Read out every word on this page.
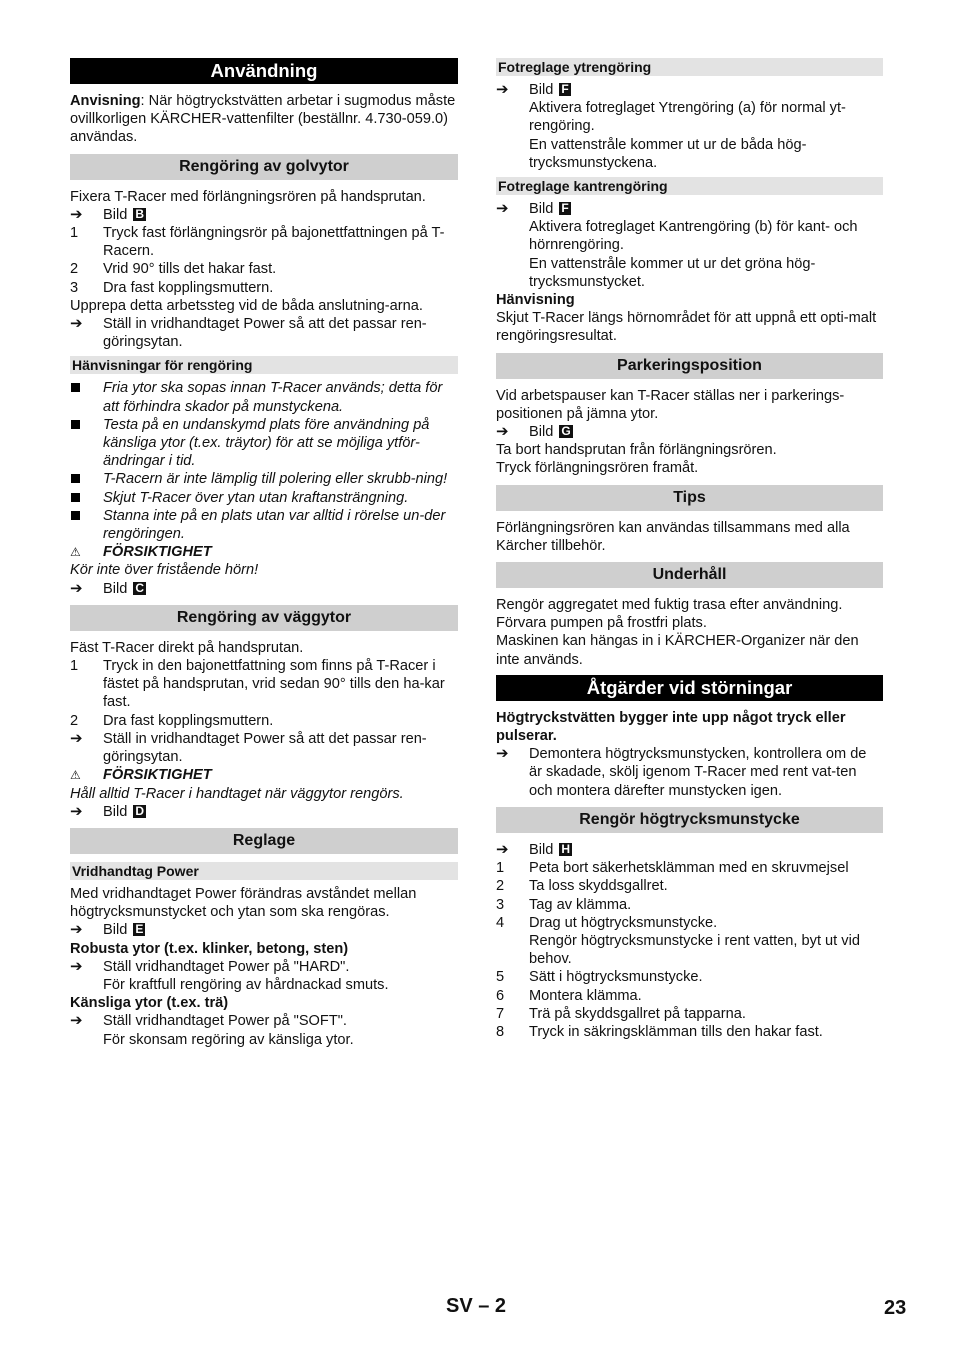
Användning

Anvisning: När högtryckstvätten arbetar i sugmodus måste ovillkorligen KÄRCHER-vattenfilter (beställnr. 4.730-059.0) användas.

Rengöring av golvytor

Fixera T-Racer med förlängningsrören på handsprutan.

➔	Bild B
1	Tryck fast förlängningsrör på bajonettfattningen på T-Racern.
2	Vrid 90° tills det hakar fast.
3	Dra fast kopplingsmuttern.

Upprepa detta arbetssteg vid de båda anslutning-arna.

➔	Ställ in vridhandtaget Power så att det passar ren-göringsytan.
Hänvisningar för rengöring
Fria ytor ska sopas innan T-Racer används; detta för att förhindra skador på munstyckena.
Testa på en undanskymd plats före användning på känsliga ytor (t.ex. träytor) för att se möjliga ytför-ändringar i tid.
T-Racern är inte lämplig till polering eller skrubb-ning!
Skjut T-Racer över ytan utan kraftansträngning.
Stanna inte på en plats utan var alltid i rörelse un-der rengöringen.
⚠	FÖRSIKTIGHET

Kör inte över fristående hörn!

➔	Bild C
Rengöring av väggytor

Fäst T-Racer direkt på handsprutan.

1	Tryck in den bajonettfattning som finns på T-Racer i fästet på handsprutan, vrid sedan 90° tills den ha-kar fast.
2	Dra fast kopplingsmuttern.
➔	Ställ in vridhandtaget Power så att det passar ren-göringsytan.
⚠	FÖRSIKTIGHET

Håll alltid T-Racer i handtaget när väggytor rengörs.

➔	Bild D
Reglage
Vridhandtag Power

Med vridhandtaget Power förändras avståndet mellan högtrycksmunstycket och ytan som ska rengöras.

➔	Bild E

Robusta ytor (t.ex. klinker, betong, sten)

➔	Ställ vridhandtaget Power på "HARD".
För kraftfull rengöring av hårdnackad smuts.

Känsliga ytor (t.ex. trä)

➔	Ställ vridhandtaget Power på "SOFT".
För skonsam regöring av känsliga ytor.
Fotreglage ytrengöring
➔	Bild F
Aktivera fotreglaget Ytrengöring (a) för normal yt-rengöring.
En vattenstråle kommer ut ur de båda hög-trycksmunstyckena.
Fotreglage kantrengöring
➔	Bild F
Aktivera fotreglaget Kantrengöring (b) för kant- och hörnrengöring.
En vattenstråle kommer ut ur det gröna hög-trycksmunstycket.

Hänvisning

Skjut T-Racer längs hörnområdet för att uppnå ett opti-malt rengöringsresultat.

Parkeringsposition

Vid arbetspauser kan T-Racer ställas ner i parkerings-positionen på jämna ytor.

➔	Bild G

Ta bort handsprutan från förlängningsrören.

Tryck förlängningsrören framåt.

Tips

Förlängningsrören kan användas tillsammans med alla Kärcher tillbehör.

Underhåll

Rengör aggregatet med fuktig trasa efter användning.

Förvara pumpen på frostfri plats.

Maskinen kan hängas in i KÄRCHER-Organizer när den inte används.

Åtgärder vid störningar

Högtryckstvätten bygger inte upp något tryck eller pulserar.

➔	Demontera högtrycksmunstycken, kontrollera om de är skadade, skölj igenom T-Racer med rent vat-ten och montera därefter munstycken igen.
Rengör högtrycksmunstycke
➔	Bild H
1	Peta bort säkerhetsklämman med en skruvmejsel
2	Ta loss skyddsgallret.
3	Tag av klämma.
4	Drag ut högtrycksmunstycke.
Rengör högtrycksmunstycke i rent vatten, byt ut vid behov.
5	Sätt i högtrycksmunstycke.
6	Montera klämma.
7	Trä på skyddsgallret på tapparna.
8	Tryck in säkringsklämman tills den hakar fast.
SV – 2	23
